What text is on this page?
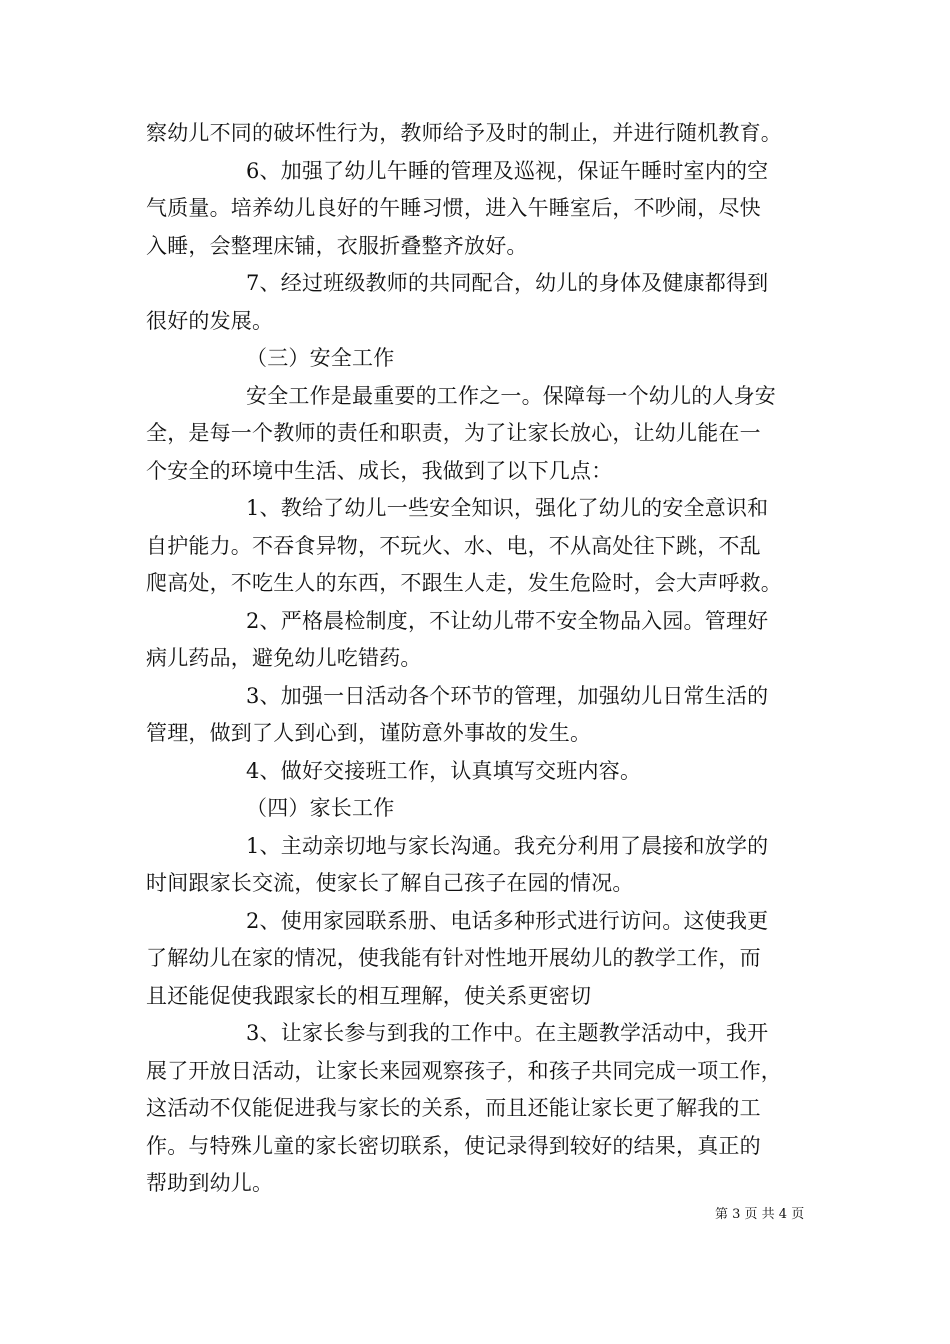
察幼儿不同的破坏性行为，教师给予及时的制止，并进行随机教育。
6、加强了幼儿午睡的管理及巡视，保证午睡时室内的空
气质量。培养幼儿良好的午睡习惯，进入午睡室后，不吵闹，尽快
入睡，会整理床铺，衣服折叠整齐放好。
7、经过班级教师的共同配合，幼儿的身体及健康都得到
很好的发展。
（三）安全工作
安全工作是最重要的工作之一。保障每一个幼儿的人身安
全，是每一个教师的责任和职责，为了让家长放心，让幼儿能在一
个安全的环境中生活、成长，我做到了以下几点：
1、教给了幼儿一些安全知识，强化了幼儿的安全意识和
自护能力。不吞食异物，不玩火、水、电，不从高处往下跳，不乱
爬高处，不吃生人的东西，不跟生人走，发生危险时，会大声呼救。
2、严格晨检制度，不让幼儿带不安全物品入园。管理好
病儿药品，避免幼儿吃错药。
3、加强一日活动各个环节的管理，加强幼儿日常生活的
管理，做到了人到心到，谨防意外事故的发生。
4、做好交接班工作，认真填写交班内容。
（四）家长工作
1、主动亲切地与家长沟通。我充分利用了晨接和放学的
时间跟家长交流，使家长了解自己孩子在园的情况。
2、使用家园联系册、电话多种形式进行访问。这使我更
了解幼儿在家的情况，使我能有针对性地开展幼儿的教学工作，而
且还能促使我跟家长的相互理解，使关系更密切
3、让家长参与到我的工作中。在主题教学活动中，我开
展了开放日活动，让家长来园观察孩子，和孩子共同完成一项工作，
这活动不仅能促进我与家长的关系，而且还能让家长更了解我的工
作。与特殊儿童的家长密切联系，使记录得到较好的结果，真正的
帮助到幼儿。
第 3 页 共 4 页
